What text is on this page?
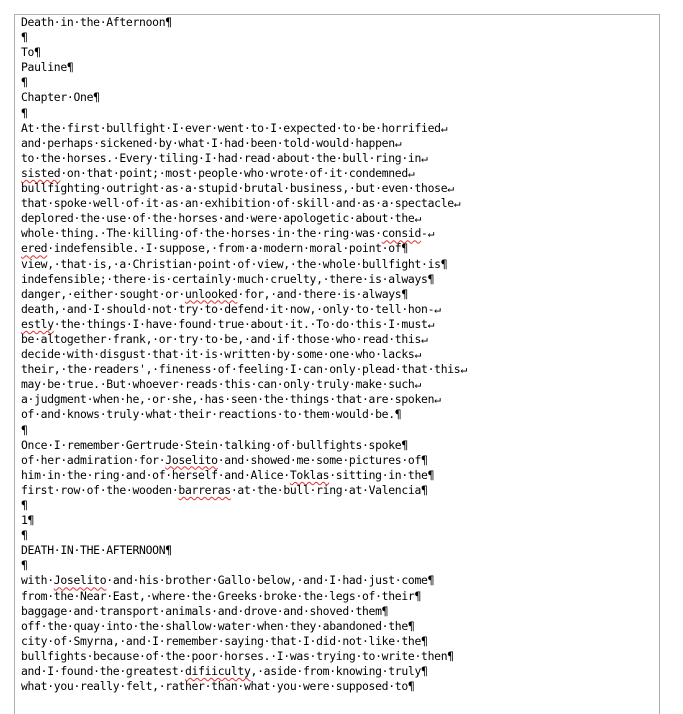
Death·in·the·Afternoon¶
¶
To¶
Pauline¶
¶
Chapter·One¶
¶
At·the·first·bullfight·I·ever·went·to·I·expected·to·be·horrified↵
and·perhaps·sickened·by·what·I·had·been·told·would·happen↵
to·the·horses.·Every·tiling·I·had·read·about·the·bull·ring·in↵
sisted·on·that·point;·most·people·who·wrote·of·it·condemned↵
bullfighting·outright·as·a·stupid·brutal·business,·but·even·those↵
that·spoke·well·of·it·as·an·exhibition·of·skill·and·as·a·spectacle↵
deplored·the·use·of·the·horses·and·were·apologetic·about·the↵
whole·thing.·The·killing·of·the·horses·in·the·ring·was·consid-↵
ered·indefensible.·I·suppose,·from·a·modern·moral·point·of¶
view,·that·is,·a·Christian·point·of·view,·the·whole·bullfight·is¶
indefensible;·there·is·certainly·much·cruelty,·there·is·always¶
danger,·either·sought·or·unlooked·for,·and·there·is·always¶
death,·and·I·should·not·try·to·defend·it·now,·only·to·tell·hon-↵
estly·the·things·I·have·found·true·about·it.·To·do·this·I·must↵
be·altogether·frank,·or·try·to·be,·and·if·those·who·read·this↵
decide·with·disgust·that·it·is·written·by·some·one·who·lacks↵
their,·the·readers',·fineness·of·feeling·I·can·only·plead·that·this↵
may·be·true.·But·whoever·reads·this·can·only·truly·make·such↵
a·judgment·when·he,·or·she,·has·seen·the·things·that·are·spoken↵
of·and·knows·truly·what·their·reactions·to·them·would·be.¶
¶
Once·I·remember·Gertrude·Stein·talking·of·bullfights·spoke¶
of·her·admiration·for·Joselito·and·showed·me·some·pictures·of¶
him·in·the·ring·and·of·herself·and·Alice·Toklas·sitting·in·the¶
first·row·of·the·wooden·barreras·at·the·bull·ring·at·Valencia¶
¶
1¶
¶
DEATH·IN·THE·AFTERNOON¶
¶
with·Joselito·and·his·brother·Gallo·below,·and·I·had·just·come¶
from·the·Near·East,·where·the·Greeks·broke·the·legs·of·their¶
baggage·and·transport·animals·and·drove·and·shoved·them¶
off·the·quay·into·the·shallow·water·when·they·abandoned·the¶
city·of·Smyrna,·and·I·remember·saying·that·I·did·not·like·the¶
bullfights·because·of·the·poor·horses.·I·was·trying·to·write·then¶
and·I·found·the·greatest·difiiculty,·aside·from·knowing·truly¶
what·you·really·felt,·rather·than·what·you·were·supposed·to¶
